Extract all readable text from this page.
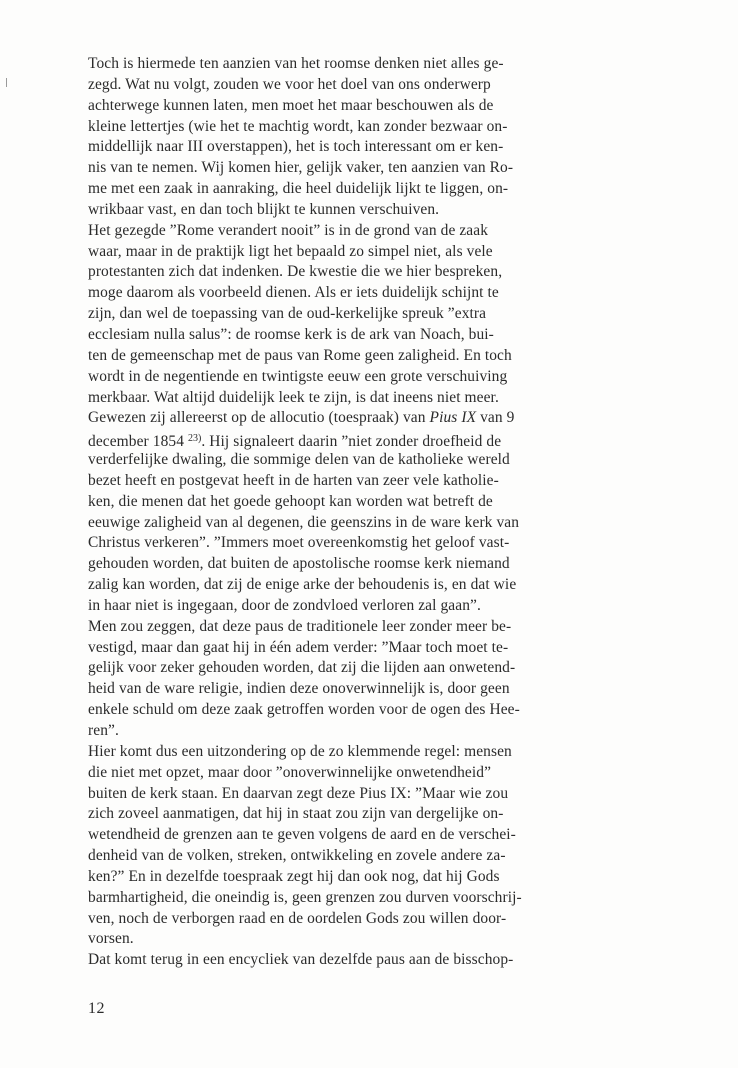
Toch is hiermede ten aanzien van het roomse denken niet alles ge-
zegd. Wat nu volgt, zouden we voor het doel van ons onderwerp
achterwege kunnen laten, men moet het maar beschouwen als de
kleine lettertjes (wie het te machtig wordt, kan zonder bezwaar on-
middellijk naar III overstappen), het is toch interessant om er ken-
nis van te nemen. Wij komen hier, gelijk vaker, ten aanzien van Ro-
me met een zaak in aanraking, die heel duidelijk lijkt te liggen, on-
wrikbaar vast, en dan toch blijkt te kunnen verschuiven.
Het gezegde ”Rome verandert nooit” is in de grond van de zaak
waar, maar in de praktijk ligt het bepaald zo simpel niet, als vele
protestanten zich dat indenken. De kwestie die we hier bespreken,
moge daarom als voorbeeld dienen. Als er iets duidelijk schijnt te
zijn, dan wel de toepassing van de oud-kerkelijke spreuk ”extra
ecclesiam nulla salus”: de roomse kerk is de ark van Noach, bui-
ten de gemeenschap met de paus van Rome geen zaligheid. En toch
wordt in de negentiende en twintigste eeuw een grote verschuiving
merkbaar. Wat altijd duidelijk leek te zijn, is dat ineens niet meer.
Gewezen zij allereerst op de allocutio (toespraak) van Pius IX van 9
december 1854 $^{23)}$. Hij signaleert daarin ”niet zonder droefheid de
verderfelijke dwaling, die sommige delen van de katholieke wereld
bezet heeft en postgevat heeft in de harten van zeer vele katholie-
ken, die menen dat het goede gehoopt kan worden wat betreft de
eeuwige zaligheid van al degenen, die geenszins in de ware kerk van
Christus verkeren”. ”Immers moet overeenkomstig het geloof vast-
gehouden worden, dat buiten de apostolische roomse kerk niemand
zalig kan worden, dat zij de enige arke der behoudenis is, en dat wie
in haar niet is ingegaan, door de zondvloed verloren zal gaan”.
Men zou zeggen, dat deze paus de traditionele leer zonder meer be-
vestigd, maar dan gaat hij in één adem verder: ”Maar toch moet te-
gelijk voor zeker gehouden worden, dat zij die lijden aan onwetend-
heid van de ware religie, indien deze onoverwinnelijk is, door geen
enkele schuld om deze zaak getroffen worden voor de ogen des Hee-
ren”.
Hier komt dus een uitzondering op de zo klemmende regel: mensen
die niet met opzet, maar door ”onoverwinnelijke onwetendheid”
buiten de kerk staan. En daarvan zegt deze Pius IX: ”Maar wie zou
zich zoveel aanmatigen, dat hij in staat zou zijn van dergelijke on-
wetendheid de grenzen aan te geven volgens de aard en de verschei-
denheid van de volken, streken, ontwikkeling en zovele andere za-
ken?” En in dezelfde toespraak zegt hij dan ook nog, dat hij Gods
barmhartigheid, die oneindig is, geen grenzen zou durven voorschrij-
ven, noch de verborgen raad en de oordelen Gods zou willen door-
vorsen.
Dat komt terug in een encycliek van dezelfde paus aan de bisschop-
12
